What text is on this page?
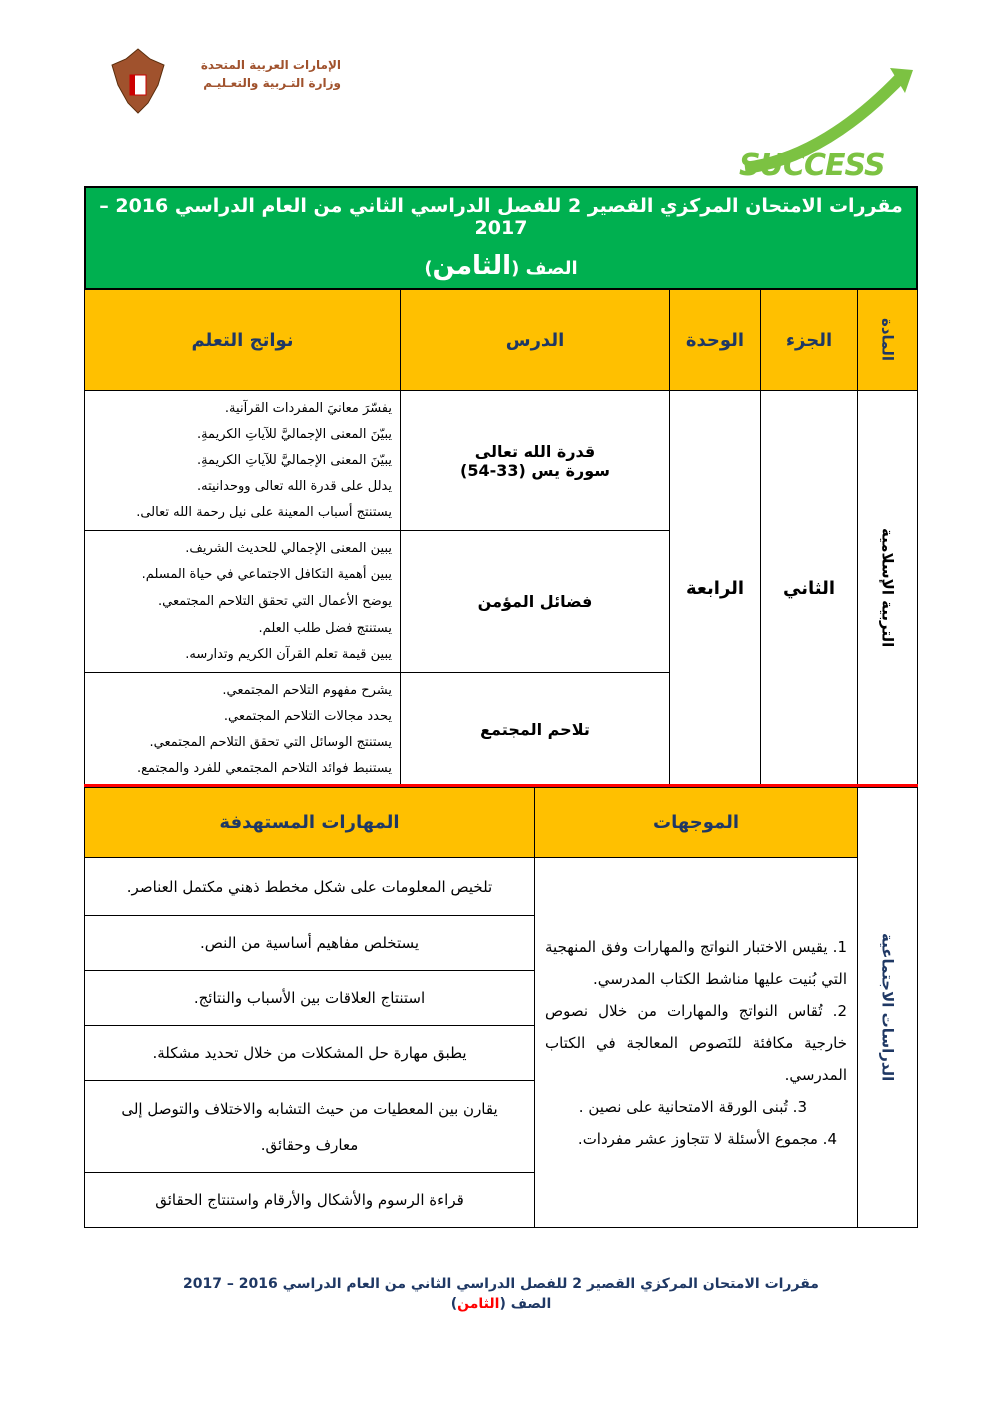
الإمارات العربية المتحدة
وزارة التـربية والتعـليـم
SUCCESS
مقررات الامتحان المركزي القصير 2 للفصل الدراسي الثاني من العام الدراسي 2016 – 2017
الصف (الثامن)
المادة
الجزء
الوحدة
الدرس
نواتج التعلم
التربية الإسلامية
الثاني
الرابعة
قدرة الله تعالى
سورة يس (33-54)
يفسّرَ معانيَ المفردات القرآنية.
يبيّنَ المعنى الإجماليَّ للآياتِ الكريمةِ.
يبيّنَ المعنى الإجماليَّ للآياتِ الكريمةِ.
يدلل على قدرة الله تعالى ووحدانيته.
يستنتج أسباب المعينة على نيل رحمة الله تعالى.
فضائل المؤمن
يبين المعنى الإجمالي للحديث الشريف.
يبين أهمية التكافل الاجتماعي في حياة المسلم.
يوضح الأعمال التي تحقق التلاحم المجتمعي.
يستنتج فضل طلب العلم.
يبين قيمة تعلم القرآن الكريم وتدارسه.
تلاحم المجتمع
يشرح مفهوم التلاحم المجتمعي.
يحدد مجالات التلاحم المجتمعي.
يستنتج الوسائل التي تحقق التلاحم المجتمعي.
يستنبط فوائد التلاحم المجتمعي للفرد والمجتمع.
الدراسات الاجتماعية
الموجهات
المهارات المستهدفة
1. يقيس الاختبار النواتج والمهارات وفق المنهجية التي بُنيت عليها مناشط الكتاب المدرسي.
2. تُقاس النواتج والمهارات من خلال نصوص خارجية مكافئة للنَصوص المعالجة في الكتاب المدرسي.
3. تُبنى الورقة الامتحانية على نصين .
4. مجموع الأسئلة لا تتجاوز عشر مفردات.
تلخيص المعلومات على شكل مخطط ذهني مكتمل العناصر.
يستخلص مفاهيم أساسية من النص.
استنتاج العلاقات بين الأسباب والنتائج.
يطبق مهارة حل المشكلات من خلال تحديد مشكلة.
يقارن بين المعطيات من حيث التشابه والاختلاف والتوصل إلى معارف وحقائق.
قراءة الرسوم والأشكال والأرقام واستنتاج الحقائق
مقررات الامتحان المركزي القصير 2 للفصل الدراسي الثاني من العام الدراسي 2016 – 2017
الصف (الثامن)
